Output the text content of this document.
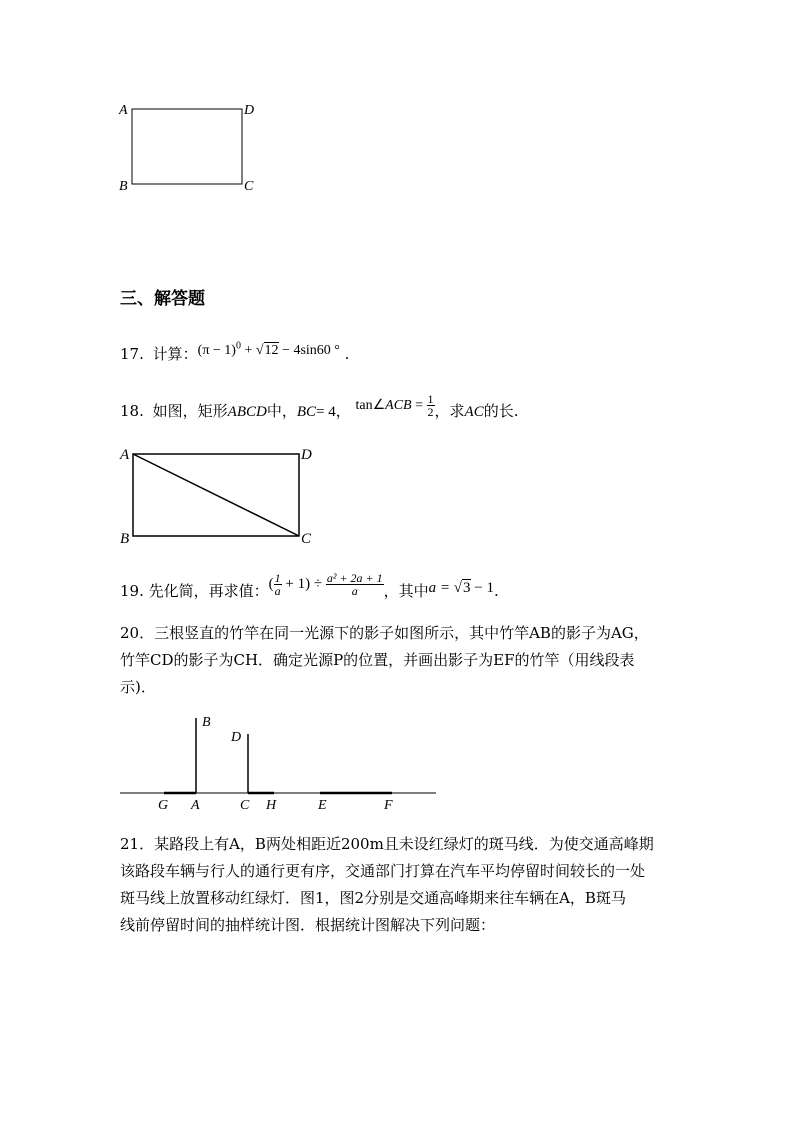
A	D
B	C
三、解答题
17. 计算：$(\pi - 1)^0 + √12 - 4\sin 60$ ° .
18. 如图，矩形ABCD中，BC= 4， tan∠ACB = $\frac{1}{2}$ ，求AC的长.
A	D
B	C
19. 先化简，再求值：( $\frac{1}{a} + 1) \div \frac{\text{a² + 2a + 1}}{a}$ ，其中a = √3 − 1.
20．三根竖直的竹竿在同一光源下的影子如图所示，其中竹竿AB的影子为AG，
竹竿CD的影子为CH．确定光源P的位置，并画出影子为EF的竹竿（用线段表
示)．
B
D
G A	C H	E	F
21．某路段上有A，B两处相距近200m且未设红绿灯的斑马线．为使交通高峰期
该路段车辆与行人的通行更有序，交通部门打算在汽车平均停留时间较长的一处
斑马线上放置移动红绿灯．图1，图2分别是交通高峰期来往车辆在A，B斑马
线前停留时间的抽样统计图．根据统计图解决下列问题：
